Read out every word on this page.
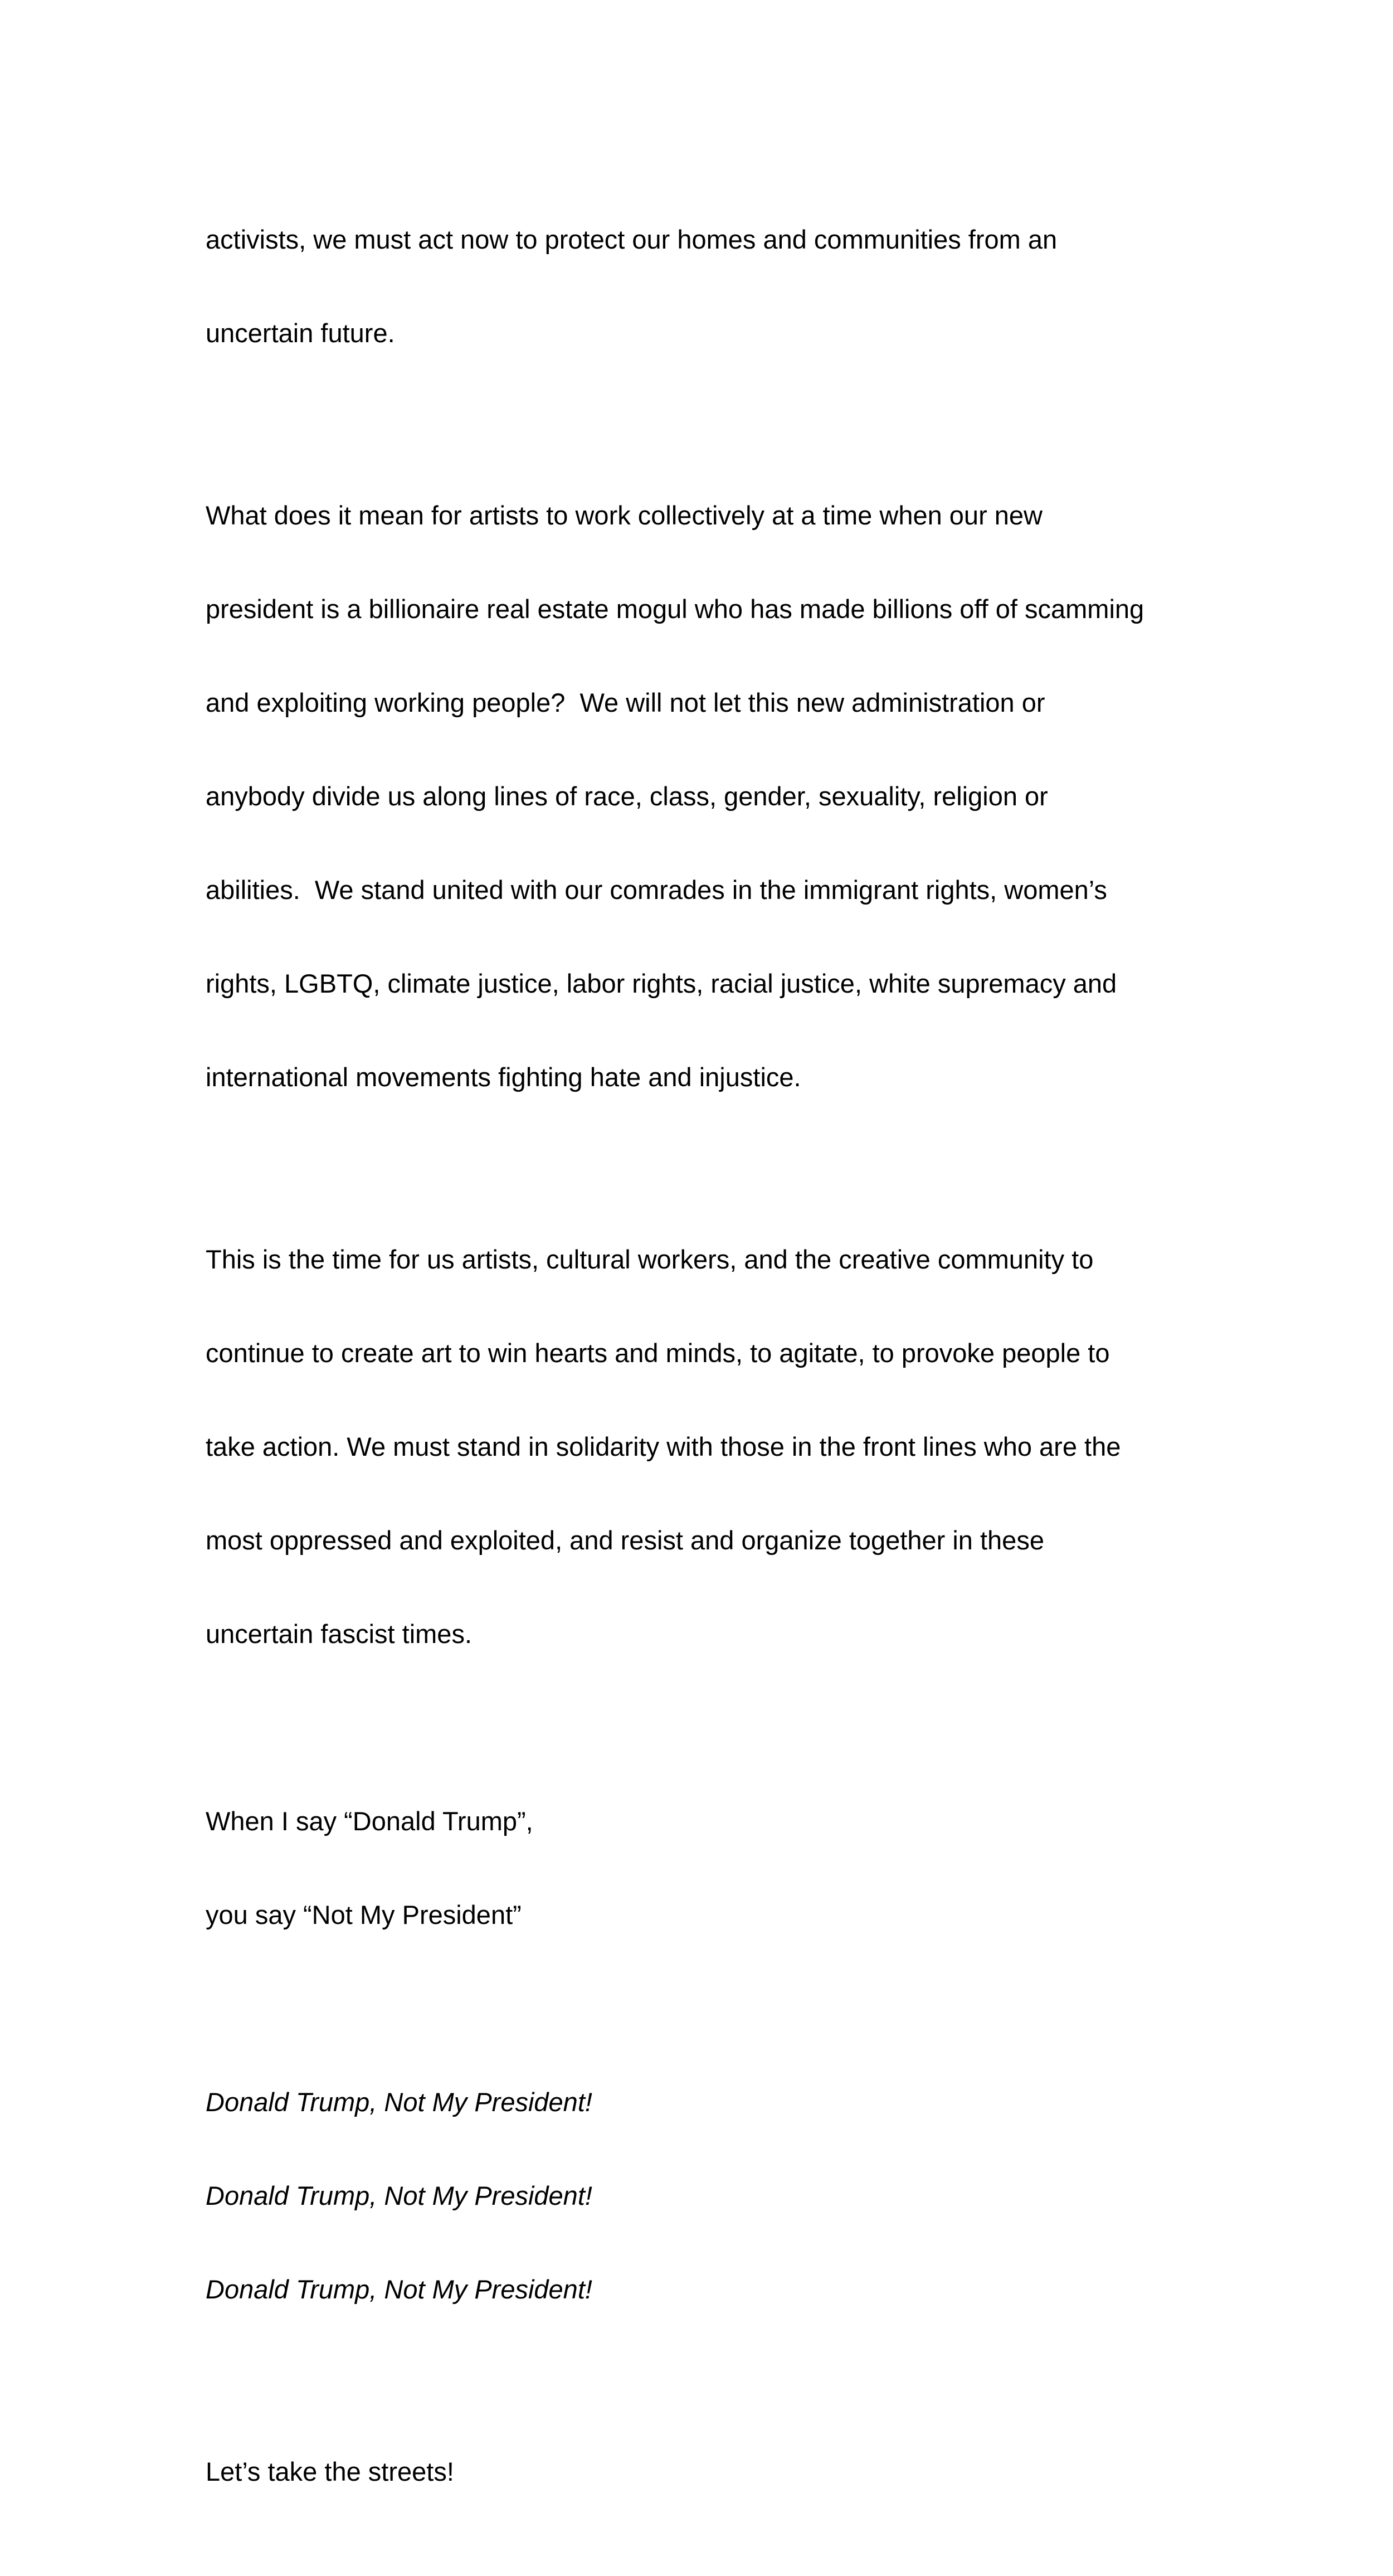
activists, we must act now to protect our homes and communities from an

uncertain future.

What does it mean for artists to work collectively at a time when our new

president is a billionaire real estate mogul who has made billions off of scamming

and exploiting working people?  We will not let this new administration or

anybody divide us along lines of race, class, gender, sexuality, religion or

abilities.  We stand united with our comrades in the immigrant rights, women’s

rights, LGBTQ, climate justice, labor rights, racial justice, white supremacy and

international movements fighting hate and injustice.

This is the time for us artists, cultural workers, and the creative community to

continue to create art to win hearts and minds, to agitate, to provoke people to

take action. We must stand in solidarity with those in the front lines who are the

most oppressed and exploited, and resist and organize together in these

uncertain fascist times.

When I say “Donald Trump”,

you say “Not My President”

Donald Trump, Not My President!

Donald Trump, Not My President!

Donald Trump, Not My President!

Let’s take the streets!
